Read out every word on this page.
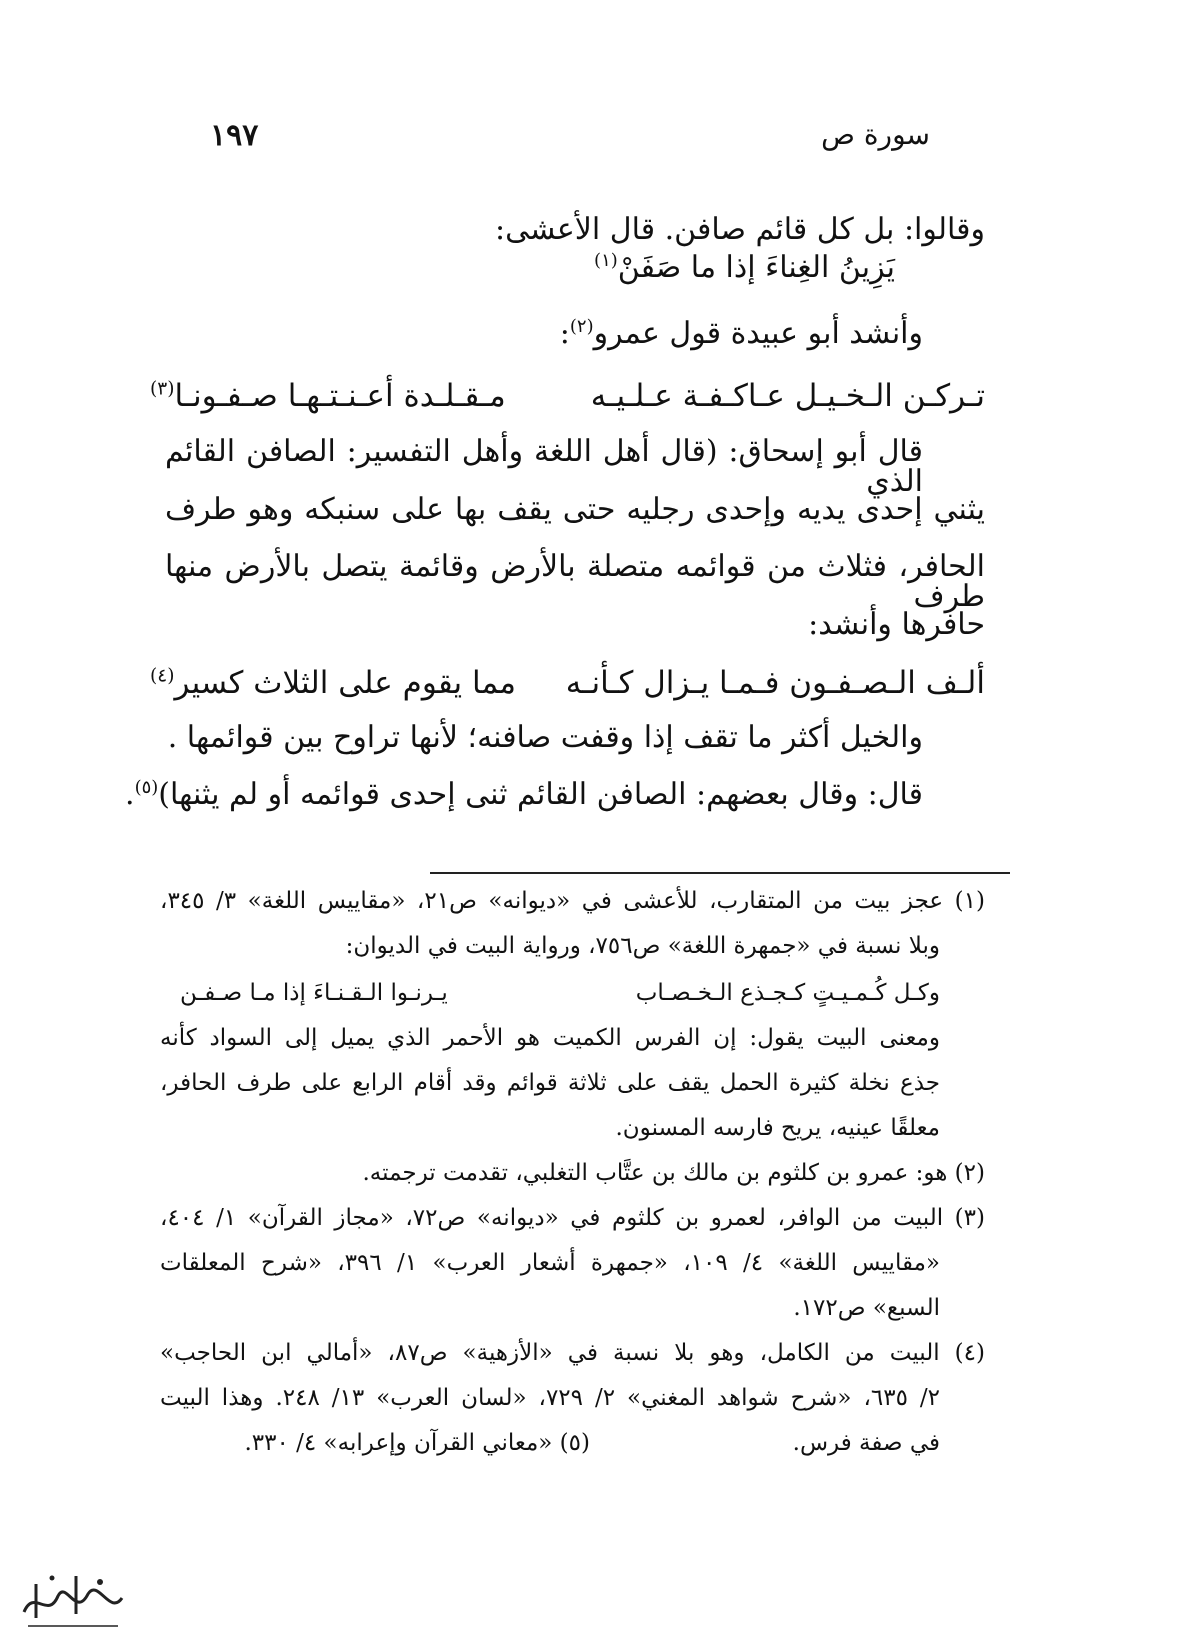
سورة ص
١٩٧
وقالوا: بل كل قائم صافن. قال الأعشى:
يَزِينُ الغِناءَ إذا ما صَفَنْ$^{(١)}$
وأنشد أبو عبيدة قول عمرو$^{(٢)}$:
تـركـن الـخـيـل عـاكـفـة عـلـيـه
مـقـلـدة أعـنـتـهـا صـفـونـا$^{(٣)}$
قال أبو إسحاق: (قال أهل اللغة وأهل التفسير: الصافن القائم الذي
يثني إحدى يديه وإحدى رجليه حتى يقف بها على سنبكه وهو طرف
الحافر، فثلاث من قوائمه متصلة بالأرض وقائمة يتصل بالأرض منها طرف
حافرها وأنشد:
ألـف الـصـفـون فـمـا يـزال كـأنـه
مما يقوم على الثلاث كسير$^{(٤)}$
والخيل أكثر ما تقف إذا وقفت صافنه؛ لأنها تراوح بين قوائمها .
قال: وقال بعضهم: الصافن القائم ثنى إحدى قوائمه أو لم يثنها)$^{(٥)}$.
(١) عجز بيت من المتقارب، للأعشى في «ديوانه» ص٢١، «مقاييس اللغة» ٣/ ٣٤٥،
وبلا نسبة في «جمهرة اللغة» ص٧٥٦، ورواية البيت في الديوان:
وكـل كُـمـيـتٍ كـجـذع الـخـصـاب
يـرنـوا الـقـنـاءَ إذا مـا صـفـن
ومعنى البيت يقول: إن الفرس الكميت هو الأحمر الذي يميل إلى السواد كأنه
جذع نخلة كثيرة الحمل يقف على ثلاثة قوائم وقد أقام الرابع على طرف الحافر،
معلقًا عينيه، يريح فارسه المسنون.
(٢) هو: عمرو بن كلثوم بن مالك بن عتَّاب التغلبي، تقدمت ترجمته.
(٣) البيت من الوافر، لعمرو بن كلثوم في «ديوانه» ص٧٢، «مجاز القرآن» ١/ ٤٠٤،
«مقاييس اللغة» ٤/ ١٠٩، «جمهرة أشعار العرب» ١/ ٣٩٦، «شرح المعلقات
السبع» ص١٧٢.
(٤) البيت من الكامل، وهو بلا نسبة في «الأزهية» ص٨٧، «أمالي ابن الحاجب»
٢/ ٦٣٥، «شرح شواهد المغني» ٢/ ٧٢٩، «لسان العرب» ١٣/ ٢٤٨. وهذا البيت
في صفة فرس.
(٥) «معاني القرآن وإعرابه» ٤/ ٣٣٠.
